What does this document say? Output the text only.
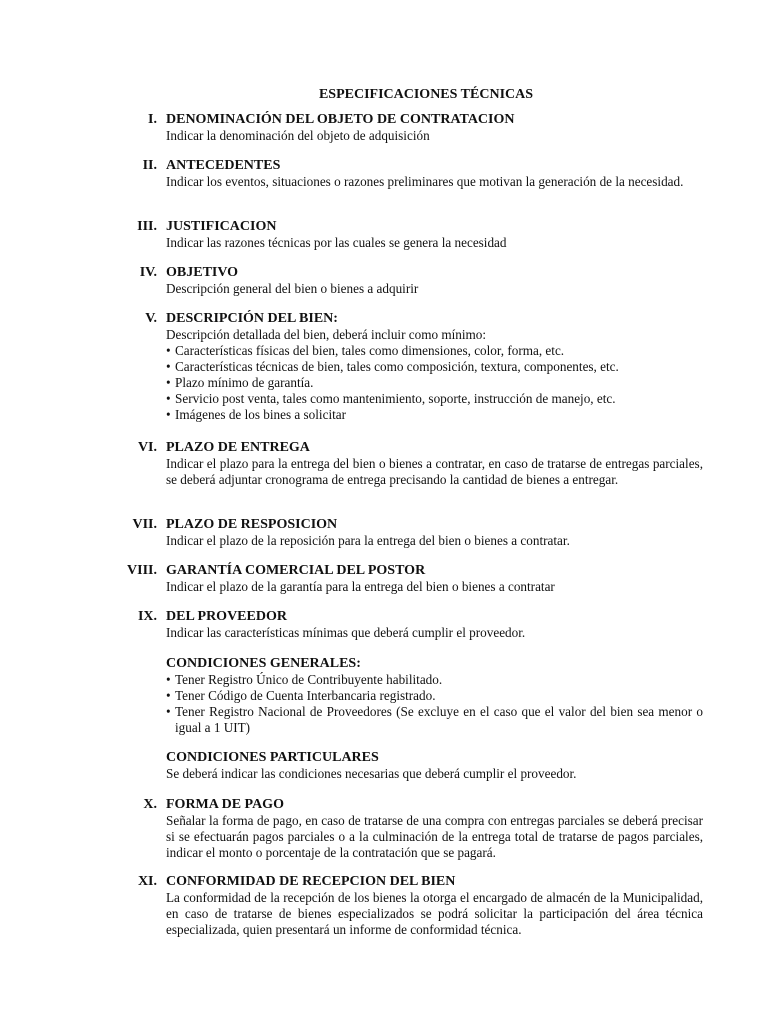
ESPECIFICACIONES TÉCNICAS
I. DENOMINACIÓN DEL OBJETO DE CONTRATACION
Indicar la denominación del objeto de adquisición
II. ANTECEDENTES
Indicar los eventos, situaciones o razones preliminares que motivan la generación de la necesidad.
III. JUSTIFICACION
Indicar las razones técnicas por las cuales se genera la necesidad
IV. OBJETIVO
Descripción general del bien o bienes a adquirir
V. DESCRIPCIÓN DEL BIEN:
Descripción detallada del bien, deberá incluir como mínimo:
• Características físicas del bien, tales como dimensiones, color, forma, etc.
• Características técnicas de bien, tales como composición, textura, componentes, etc.
• Plazo mínimo de garantía.
• Servicio post venta, tales como mantenimiento, soporte, instrucción de manejo, etc.
• Imágenes de los bines a solicitar
VI. PLAZO DE ENTREGA
Indicar el plazo para la entrega del bien o bienes a contratar, en caso de tratarse de entregas parciales, se deberá adjuntar cronograma de entrega precisando la cantidad de bienes a entregar.
VII. PLAZO DE RESPOSICION
Indicar el plazo de la reposición para la entrega del bien o bienes a contratar.
VIII. GARANTÍA COMERCIAL DEL POSTOR
Indicar el plazo de la garantía para la entrega del bien o bienes a contratar
IX. DEL PROVEEDOR
Indicar las características mínimas que deberá cumplir el proveedor.
CONDICIONES GENERALES:
• Tener Registro Único de Contribuyente habilitado.
• Tener Código de Cuenta Interbancaria registrado.
• Tener Registro Nacional de Proveedores (Se excluye en el caso que el valor del bien sea menor o igual a 1 UIT)
CONDICIONES PARTICULARES
Se deberá indicar las condiciones necesarias que deberá cumplir el proveedor.
X. FORMA DE PAGO
Señalar la forma de pago, en caso de tratarse de una compra con entregas parciales se deberá precisar si se efectuarán pagos parciales o a la culminación de la entrega total de tratarse de pagos parciales, indicar el monto o porcentaje de la contratación que se pagará.
XI. CONFORMIDAD DE RECEPCION DEL BIEN
La conformidad de la recepción de los bienes la otorga el encargado de almacén de la Municipalidad, en caso de tratarse de bienes especializados se podrá solicitar la participación del área técnica especializada, quien presentará un informe de conformidad técnica.
